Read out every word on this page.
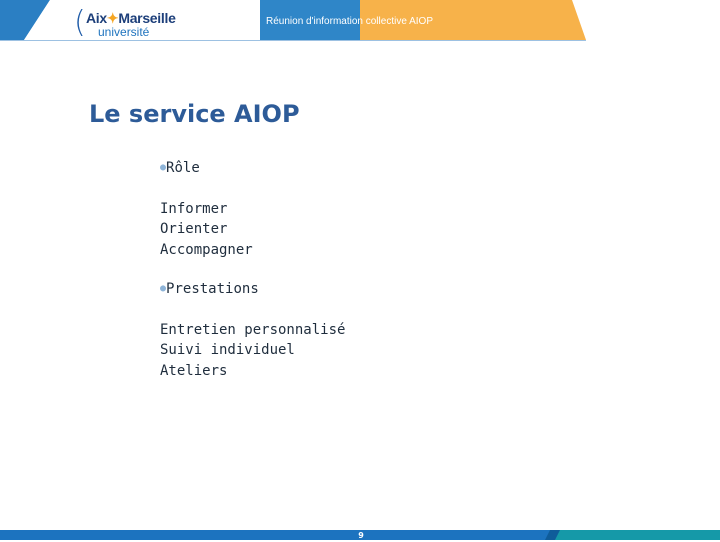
( Aix✦Marseille
université
Réunion d'information collective AIOP
Le service AIOP
●Rôle
Informer
Orienter
Accompagner
●Prestations
Entretien personnalisé
Suivi individuel
Ateliers
9
